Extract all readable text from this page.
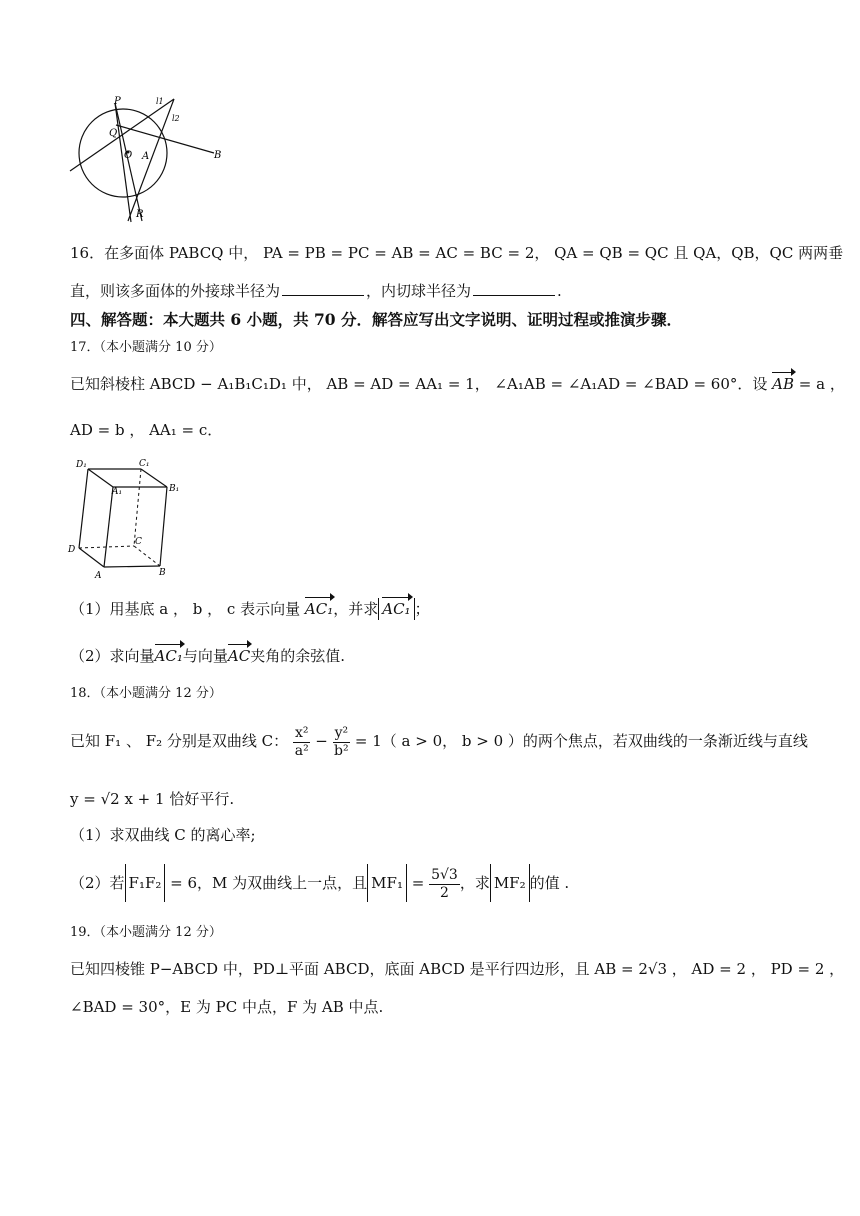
P	l1
l2
Q
O A	B
R
16．在多面体 PABCQ 中， PA = PB = PC = AB = AC = BC = 2， QA = QB = QC 且 QA，QB，QC 两两垂
直，则该多面体的外接球半径为	，内切球半径为	.
四、解答题：本大题共 6 小题，共 70 分．解答应写出文字说明、证明过程或推演步骤．
17．（本小题满分 10 分）
已知斜棱柱 ABCD − A₁B₁C₁D₁ 中， AB = AD = AA₁ = 1， ∠A₁AB = ∠A₁AD = ∠BAD = 60°．设 AB = a ，
AD = b ， AA₁ = c．
D₁	C₁
A₁	B₁
D
C
A	B
（1）用基底 a ， b ， c 表示向量 AC₁，并求 AC₁ ；
（2）求向量AC₁与向量AC夹角的余弦值.
18．（本小题满分 12 分）
已知 F₁ 、 F₂ 分别是双曲线 C： $\frac{\text{x²}}{\text{a²}} - \frac{\text{y²}}{\text{b²}} = 1$（ a > 0， b > 0 ）的两个焦点，若双曲线的一条渐近线与直线
y = √2 x + 1 恰好平行.
（1）求双曲线 C 的离心率;
（2）若 F₁F₂ = 6，M 为双曲线上一点，且 $MF_1 = \frac{5√3}{2}$ ，求 MF₂ 的值 .
19．（本小题满分 12 分）
已知四棱锥 P−ABCD 中，PD⊥平面 ABCD，底面 ABCD 是平行四边形，且 AB = 2√3 ， AD = 2 ， PD = 2 ，
∠BAD = 30°，E 为 PC 中点，F 为 AB 中点.
